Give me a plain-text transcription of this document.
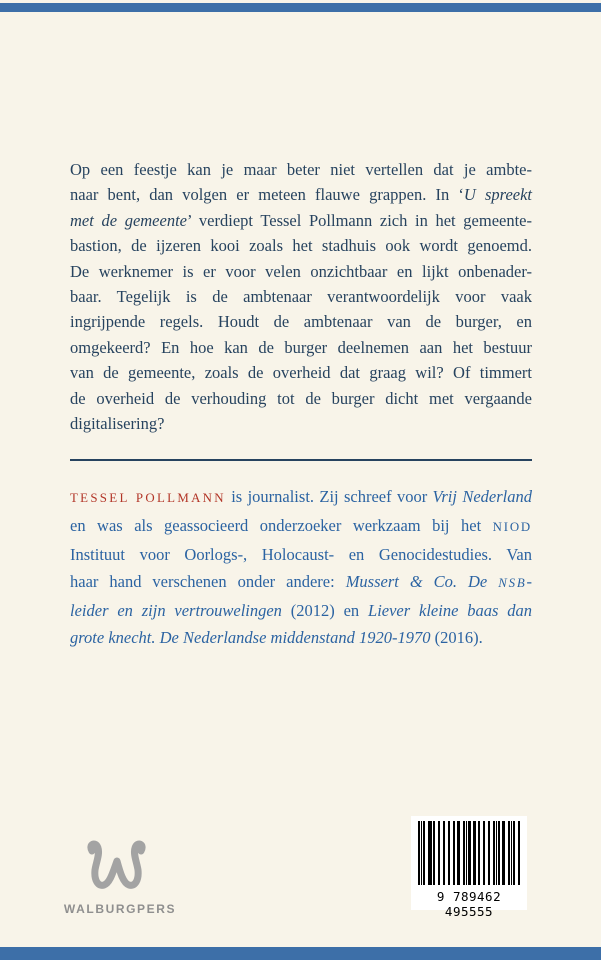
Op een feestje kan je maar beter niet vertellen dat je ambte-
naar bent, dan volgen er meteen flauwe grappen. In ‘U spreekt
met de gemeente’ verdiept Tessel Pollmann zich in het gemeente-
bastion, de ijzeren kooi zoals het stadhuis ook wordt genoemd.
De werknemer is er voor velen onzichtbaar en lijkt onbenader-
baar. Tegelijk is de ambtenaar verantwoordelijk voor vaak
ingrijpende regels. Houdt de ambtenaar van de burger, en
omgekeerd? En hoe kan de burger deelnemen aan het bestuur
van de gemeente, zoals de overheid dat graag wil? Of timmert
de overheid de verhouding tot de burger dicht met vergaande
digitalisering?
TESSEL POLLMANN is journalist. Zij schreef voor Vrij Nederland
en was als geassocieerd onderzoeker werkzaam bij het NIOD
Instituut voor Oorlogs-, Holocaust- en Genocidestudies. Van
haar hand verschenen onder andere: Mussert & Co. De NSB-
leider en zijn vertrouwelingen (2012) en Liever kleine baas dan
grote knecht. De Nederlandse middenstand 1920-1970 (2016).
WALBURGPERS
9 789462 495555
